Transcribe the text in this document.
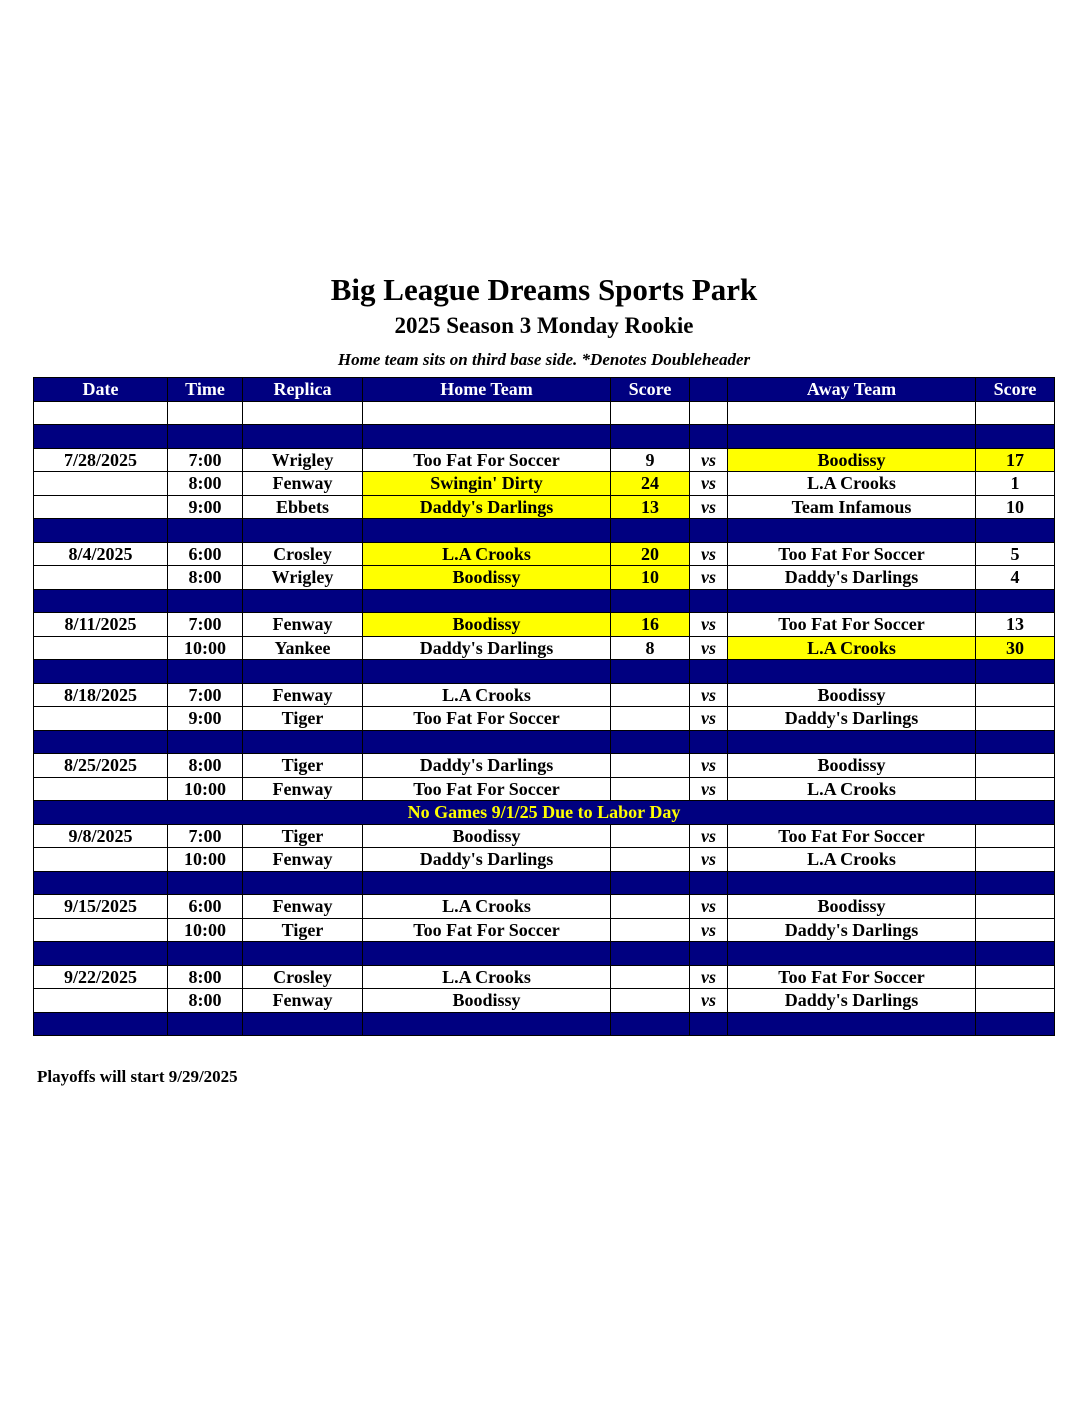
Big League Dreams Sports Park
2025 Season 3 Monday Rookie
Home team sits on third base side. *Denotes Doubleheader
Date	Time	Replica	Home Team	Score		Away Team	Score

7/28/2025	7:00	Wrigley	Too Fat For Soccer	9	vs	Boodissy	17
	8:00	Fenway	Swingin' Dirty	24	vs	L.A Crooks	1
	9:00	Ebbets	Daddy's Darlings	13	vs	Team Infamous	10

8/4/2025	6:00	Crosley	L.A Crooks	20	vs	Too Fat For Soccer	5
	8:00	Wrigley	Boodissy	10	vs	Daddy's Darlings	4

8/11/2025	7:00	Fenway	Boodissy	16	vs	Too Fat For Soccer	13
	10:00	Yankee	Daddy's Darlings	8	vs	L.A Crooks	30

8/18/2025	7:00	Fenway	L.A Crooks		vs	Boodissy	
	9:00	Tiger	Too Fat For Soccer		vs	Daddy's Darlings	

8/25/2025	8:00	Tiger	Daddy's Darlings		vs	Boodissy	
	10:00	Fenway	Too Fat For Soccer		vs	L.A Crooks	
No Games 9/1/25 Due to Labor Day							
9/8/2025	7:00	Tiger	Boodissy		vs	Too Fat For Soccer	
	10:00	Fenway	Daddy's Darlings		vs	L.A Crooks	

9/15/2025	6:00	Fenway	L.A Crooks		vs	Boodissy	
	10:00	Tiger	Too Fat For Soccer		vs	Daddy's Darlings	

9/22/2025	8:00	Crosley	L.A Crooks		vs	Too Fat For Soccer	
	8:00	Fenway	Boodissy		vs	Daddy's Darlings	

Playoffs will start 9/29/2025
